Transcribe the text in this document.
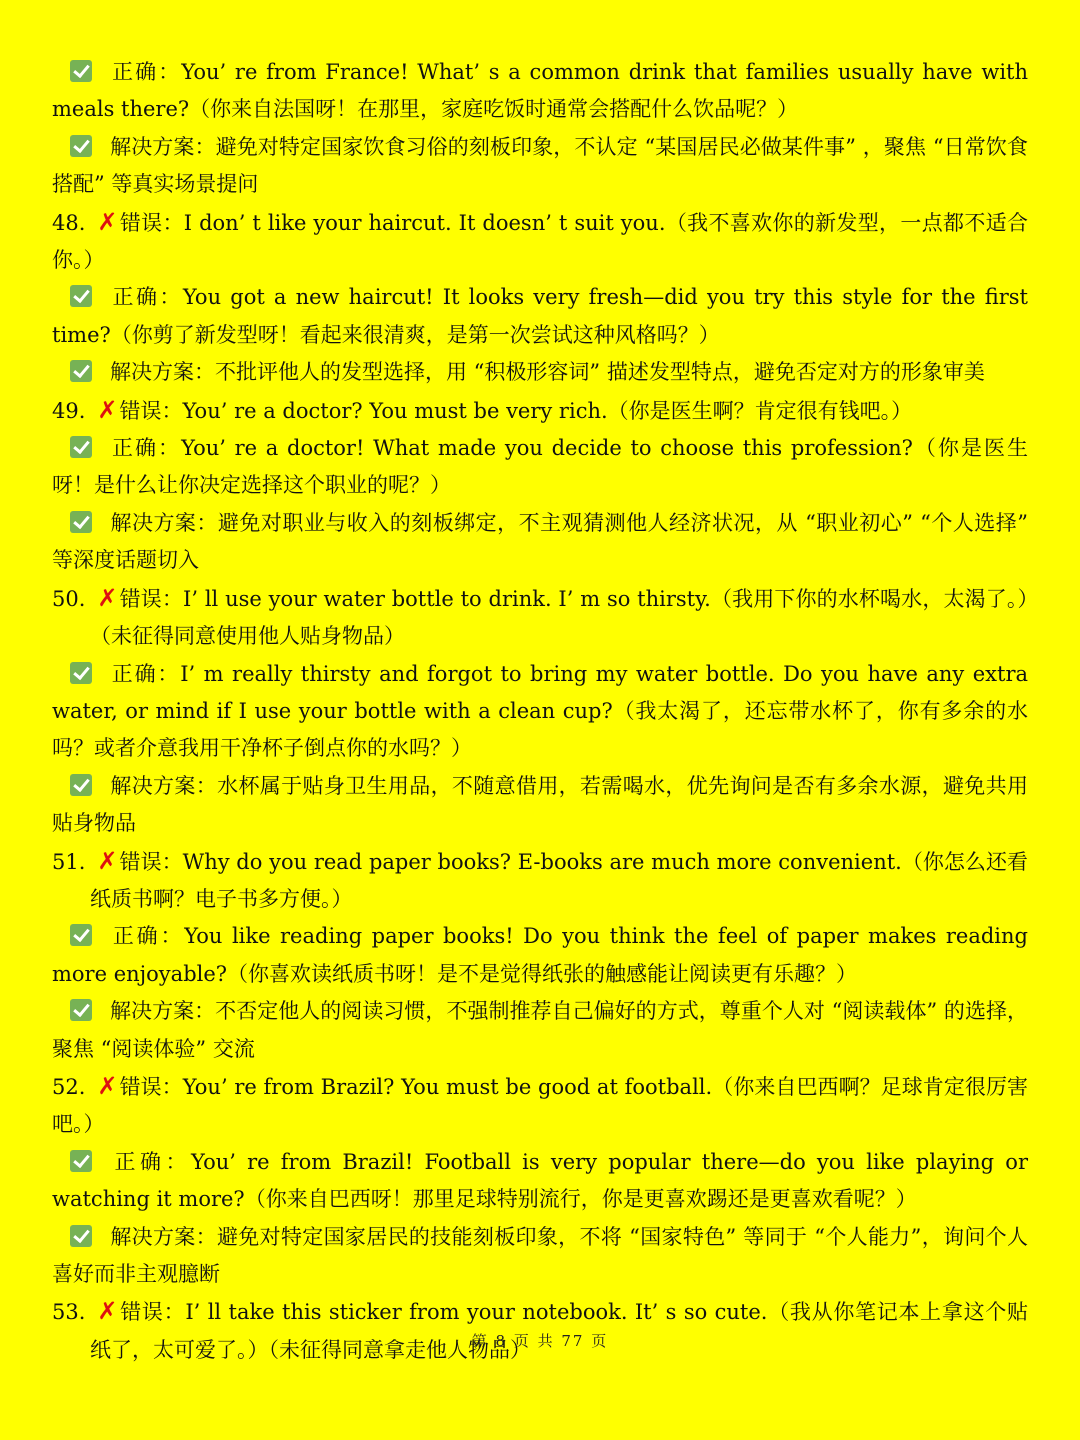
正确：You’ re from France! What’ s a common drink that families usually have with meals there?（你来自法国呀！在那里，家庭吃饭时通常会搭配什么饮品呢？）
解决方案：避免对特定国家饮食习俗的刻板印象，不认定 “某国居民必做某件事” ，聚焦 “日常饮食搭配” 等真实场景提问
48. ✗错误：I don’ t like your haircut. It doesn’ t suit you.（我不喜欢你的新发型，一点都不适合你。）
正确：You got a new haircut! It looks very fresh—did you try this style for the first time?（你剪了新发型呀！看起来很清爽，是第一次尝试这种风格吗？）
解决方案：不批评他人的发型选择，用 “积极形容词” 描述发型特点，避免否定对方的形象审美
49. ✗错误：You’ re a doctor? You must be very rich.（你是医生啊？肯定很有钱吧。）
正确：You’ re a doctor! What made you decide to choose this profession?（你是医生呀！是什么让你决定选择这个职业的呢？）
解决方案：避免对职业与收入的刻板绑定，不主观猜测他人经济状况，从 “职业初心” “个人选择” 等深度话题切入
50. ✗错误：I’ ll use your water bottle to drink. I’ m so thirsty.（我用下你的水杯喝水，太渴了。）（未征得同意使用他人贴身物品）
正确：I’ m really thirsty and forgot to bring my water bottle. Do you have any extra water, or mind if I use your bottle with a clean cup?（我太渴了，还忘带水杯了，你有多余的水吗？或者介意我用干净杯子倒点你的水吗？）
解决方案：水杯属于贴身卫生用品，不随意借用，若需喝水，优先询问是否有多余水源，避免共用贴身物品
51. ✗错误：Why do you read paper books? E-books are much more convenient.（你怎么还看纸质书啊？电子书多方便。）
正确：You like reading paper books! Do you think the feel of paper makes reading more enjoyable?（你喜欢读纸质书呀！是不是觉得纸张的触感能让阅读更有乐趣？）
解决方案：不否定他人的阅读习惯，不强制推荐自己偏好的方式，尊重个人对 “阅读载体” 的选择，聚焦 “阅读体验” 交流
52. ✗错误：You’ re from Brazil? You must be good at football.（你来自巴西啊？足球肯定很厉害吧。）
正确：You’ re from Brazil! Football is very popular there—do you like playing or watching it more?（你来自巴西呀！那里足球特别流行，你是更喜欢踢还是更喜欢看呢？）
解决方案：避免对特定国家居民的技能刻板印象，不将 “国家特色” 等同于 “个人能力”，询问个人喜好而非主观臆断
53. ✗错误：I’ ll take this sticker from your notebook. It’ s so cute.（我从你笔记本上拿这个贴纸了，太可爱了。）（未征得同意拿走他人物品）
第 8 页 共 77 页
